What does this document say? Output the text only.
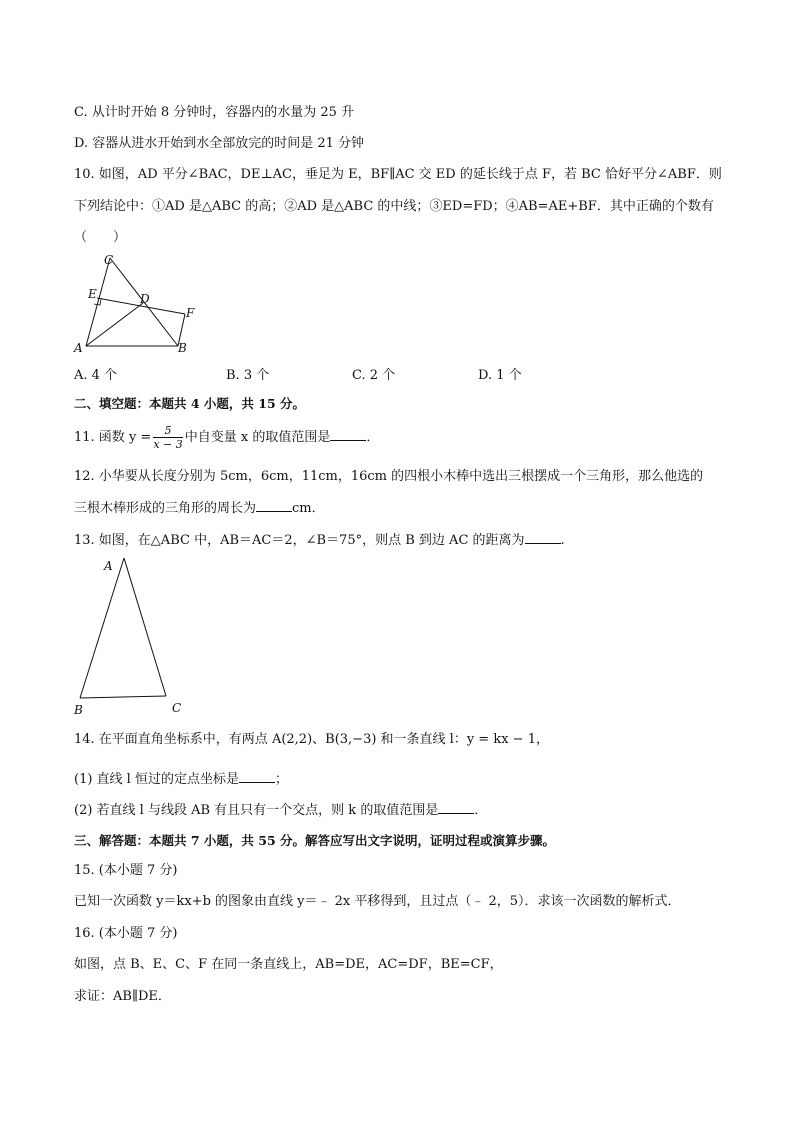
C. 从计时开始 8 分钟时，容器内的水量为 25 升
D. 容器从进水开始到水全部放完的时间是 21 分钟
10. 如图，AD 平分∠BAC，DE⊥AC，垂足为 E，BF∥AC 交 ED 的延长线于点 F，若 BC 恰好平分∠ABF．则
下列结论中：①AD 是△ABC 的高；②AD 是△ABC 的中线；③ED=FD；④AB=AE+BF．其中正确的个数有
（　　）
C
E	D
F
A	B
A. 4 个	B. 3 个	C. 2 个	D. 1 个
二、填空题：本题共 4 小题，共 15 分。
11. 函数 $y = \frac{5}{x - 3}$ 中自变量 x 的取值范围是	．
12. 小华要从长度分别为 5cm，6cm，11cm，16cm 的四根小木棒中选出三根摆成一个三角形，那么他选的
三根木棒形成的三角形的周长为	cm．
13. 如图，在△ABC 中，AB＝AC＝2，∠B＝75°，则点 B 到边 AC 的距离为	.
A
B	C
14. 在平面直角坐标系中，有两点 A(2,2)、B(3,−3) 和一条直线 l：y = kx − 1，
(1) 直线 l 恒过的定点坐标是	；
(2) 若直线 l 与线段 AB 有且只有一个交点，则 k 的取值范围是	．
三、解答题：本题共 7 小题，共 55 分。解答应写出文字说明，证明过程或演算步骤。
15. (本小题 7 分)
已知一次函数 y＝kx+b 的图象由直线 y＝﹣ 2x 平移得到，且过点（﹣ 2，5）．求该一次函数的解析式．
16. (本小题 7 分)
如图，点 B、E、C、F 在同一条直线上，AB=DE，AC=DF，BE=CF，
求证：AB∥DE．
